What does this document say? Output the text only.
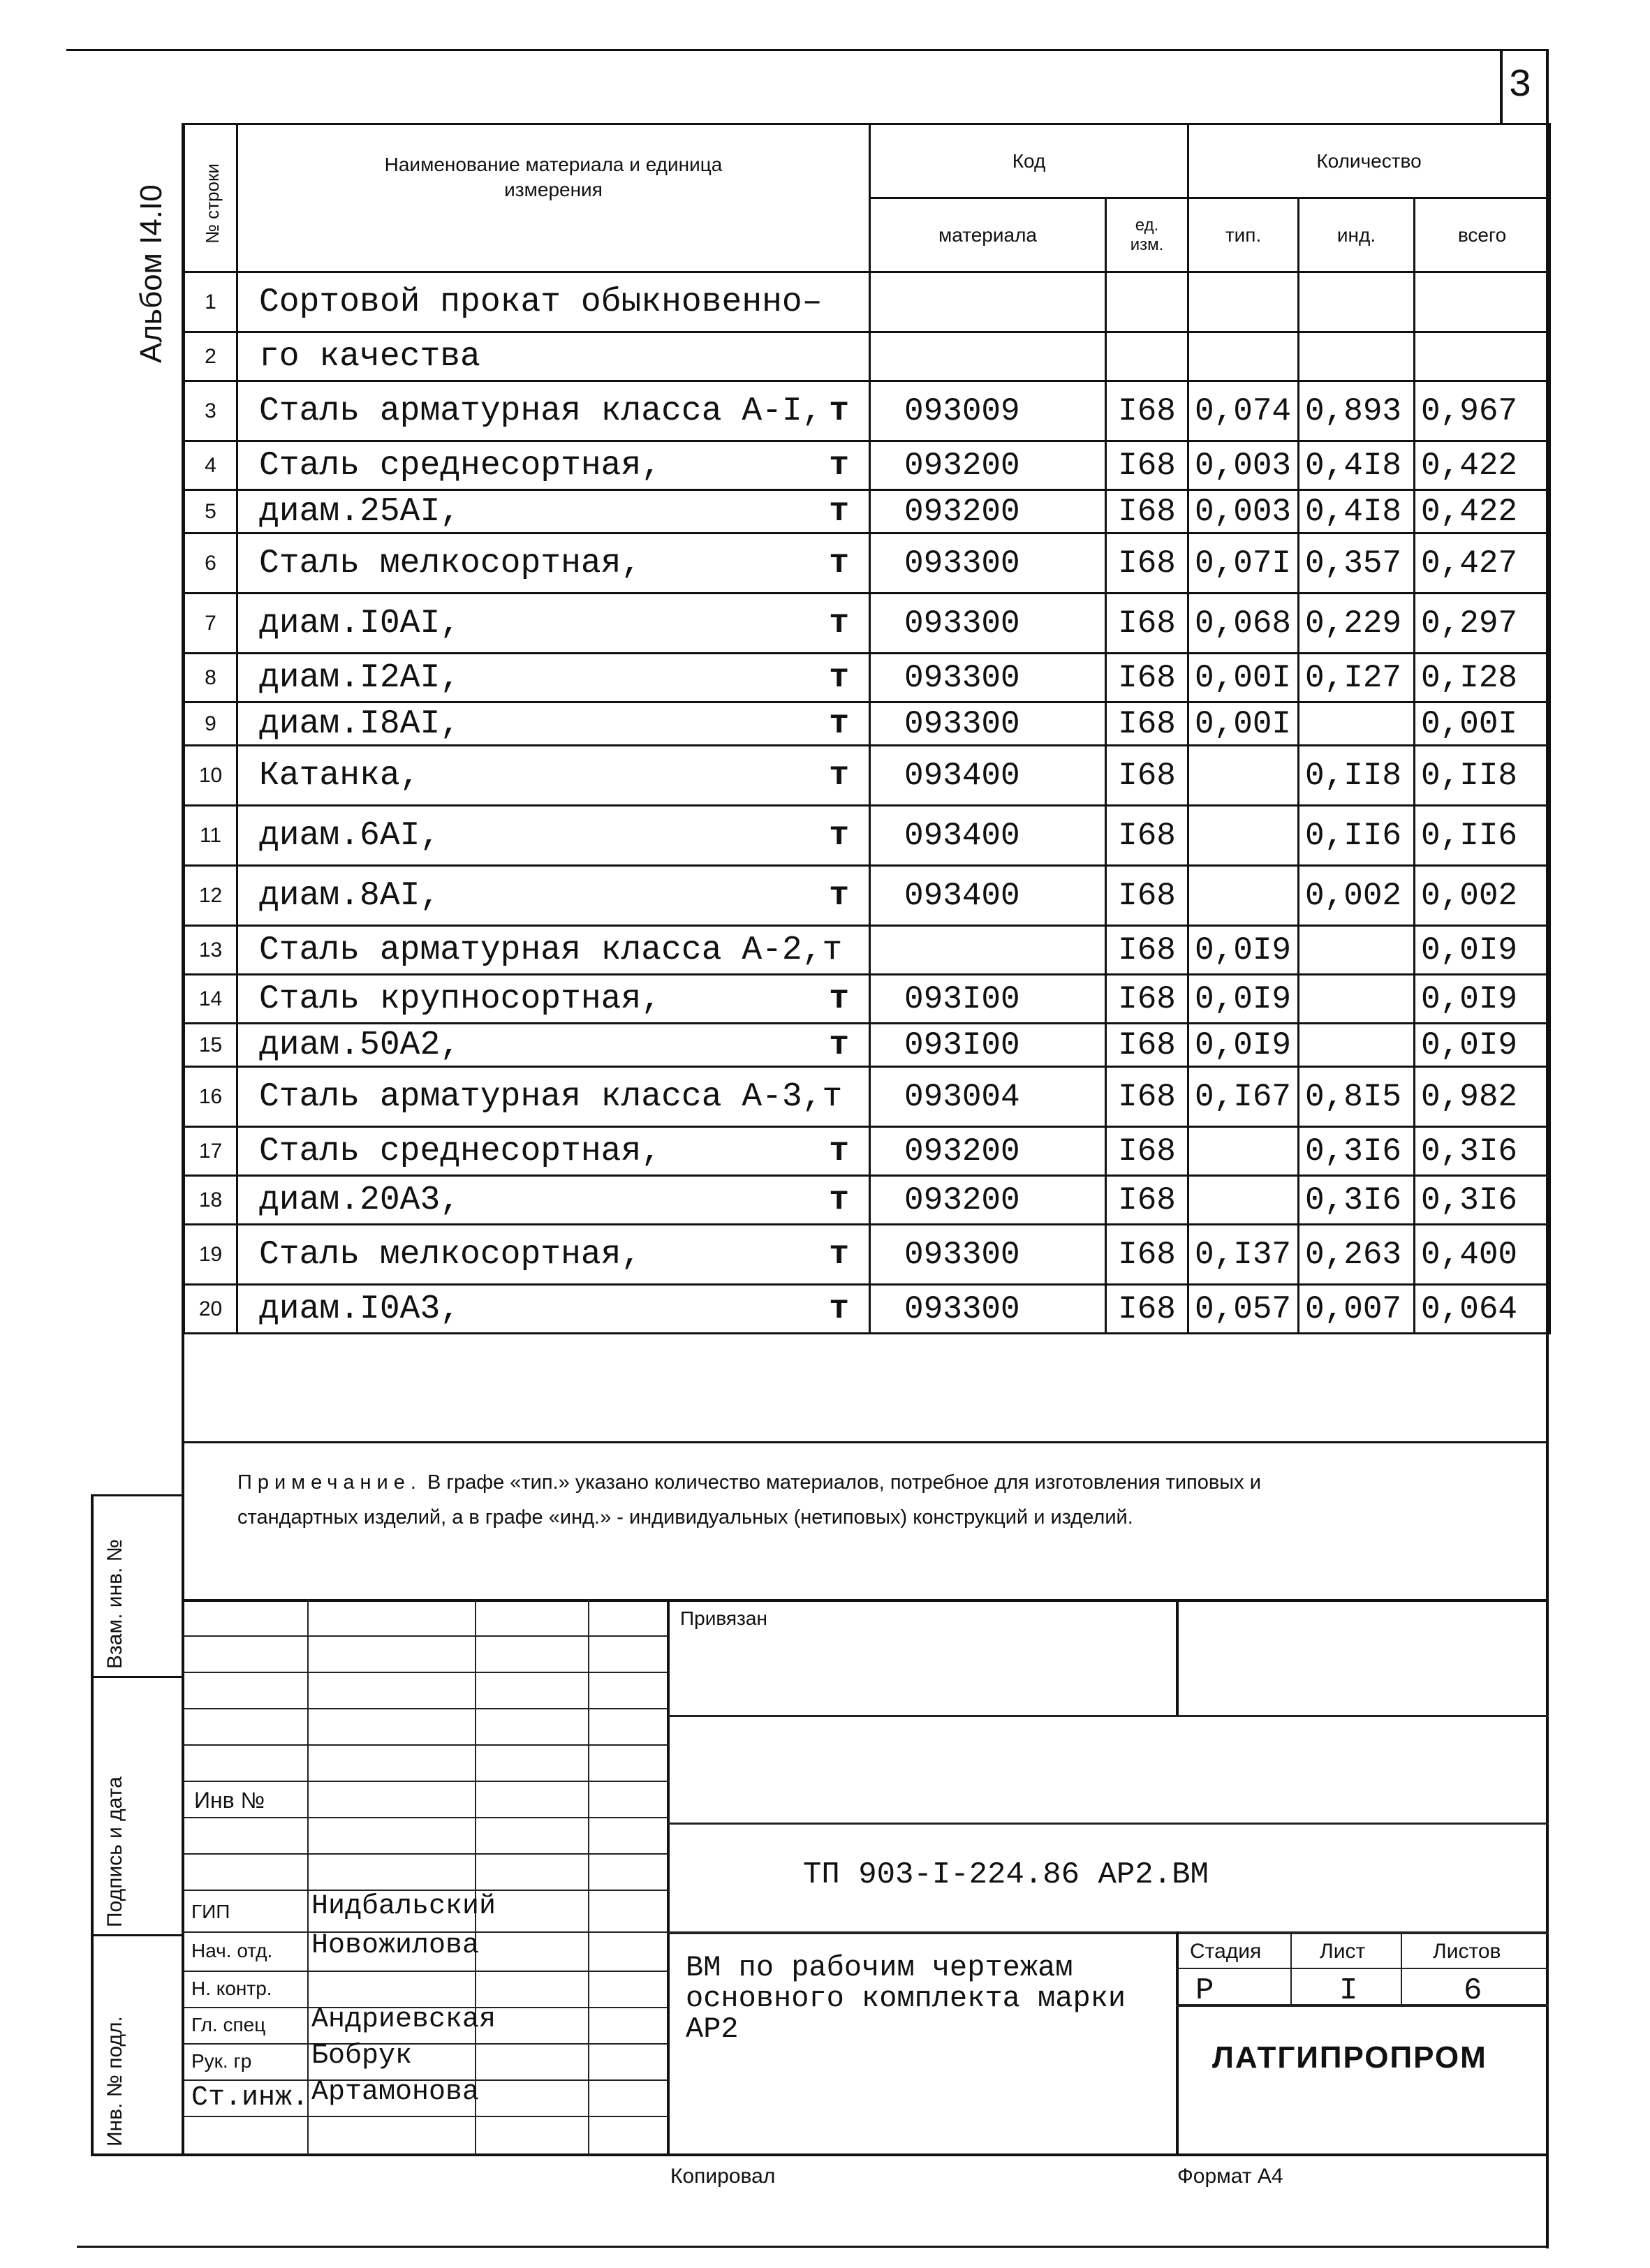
3
Альбом І4.І0
Взам. инв. №
Подпись и дата
Инв. № подл.
№ строки	Наименование материала и единица измерения	Код		Количество		
		материала	ед. изм.	тип.	инд.	всего
1	Сортовой прокат обыкновенно–					
2	го качества					
3	Сталь арматурная класса А-І, т	093009	І68	0,074	0,893	0,967
4	Сталь среднесортная, т	093200	І68	0,003	0,4І8	0,422
5	диам.25АІ, т	093200	І68	0,003	0,4І8	0,422
6	Сталь мелкосортная, т	093300	І68	0,07І	0,357	0,427
7	диам.І0АІ, т	093300	І68	0,068	0,229	0,297
8	диам.І2АІ, т	093300	І68	0,00І	0,І27	0,І28
9	диам.І8АІ, т	093300	І68	0,00І		0,00І
10	Катанка, т	093400	І68		0,ІІ8	0,ІІ8
11	диам.6АІ, т	093400	І68		0,ІІ6	0,ІІ6
12	диам.8АІ, т	093400	І68		0,002	0,002
13	Сталь арматурная класса А-2,т		І68	0,0І9		0,0І9
14	Сталь крупносортная, т	093І00	І68	0,0І9		0,0І9
15	диам.50А2, т	093І00	І68	0,0І9		0,0І9
16	Сталь арматурная класса А-3,т	093004	І68	0,І67	0,8І5	0,982
17	Сталь среднесортная, т	093200	І68		0,3І6	0,3І6
18	диам.20А3, т	093200	І68		0,3І6	0,3І6
19	Сталь мелкосортная, т	093300	І68	0,І37	0,263	0,400
20	диам.І0А3, т	093300	І68	0,057	0,007	0,064
Примечание. В графе «тип.» указано количество материалов, потребное для изготовления типовых и стандартных изделий, а в графе «инд.» - индивидуальных (нетиповых) конструкций и изделий.
Привязан
Инв №
ТП 903-І-224.86 АР2.ВМ
ВМ по рабочим чертежам основного комплекта марки АР2
Стадия	Лист	Листов
Р	І	6
ЛАТГИПРОПРОМ
ГИП	Нидбальский
Нач. отд. Новожилова
Н. контр.
Гл. спец Андриевская
Рук. гр Бобрук
Ст.инж. Артамонова
Копировал	Формат А4
